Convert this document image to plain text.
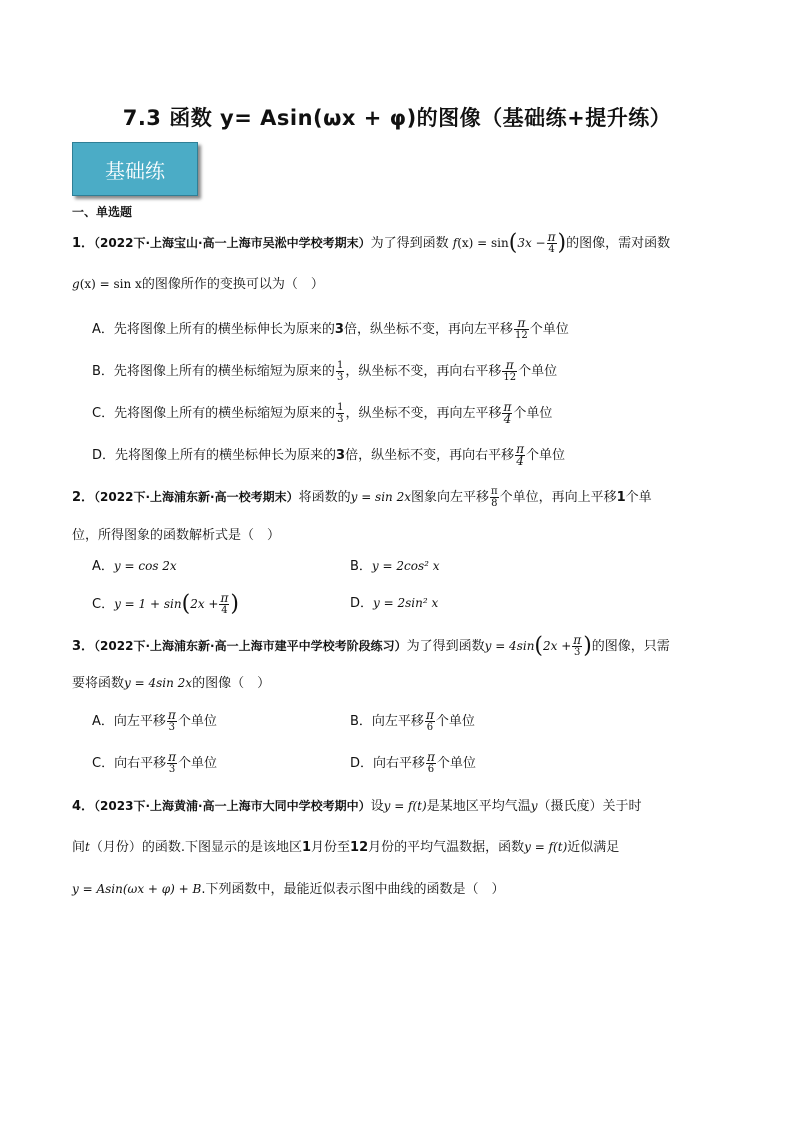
7.3 函数 y= Asin(ωx + φ)的图像（基础练+提升练）
基础练
一、单选题
1．（2022下·上海宝山·高一上海市吴淞中学校考期末）为了得到函数 $f(x) = \sin(3x - \frac{\pi}{4}$ )的图像，需对函数
g(x) = sin x的图像所作的变换可以为（　）
A．先将图像上所有的横坐标伸长为原来的3倍，纵坐标不变，再向左平移 $\frac{\pi}{12}$ 个单位
B．先将图像上所有的横坐标缩短为原来的 $\frac{1}{3}$ ，纵坐标不变，再向右平移 $\frac{\pi}{12}$ 个单位
C．先将图像上所有的横坐标缩短为原来的 $\frac{1}{3}$ ，纵坐标不变，再向左平移 $\frac{\pi}{4}$ 个单位
D．先将图像上所有的横坐标伸长为原来的3倍，纵坐标不变，再向右平移 $\frac{\pi}{4}$ 个单位
2．（2022下·上海浦东新·高一校考期末）将函数的y = sin 2x图象向左平移 $\frac{\pi}{8}$ 个单位，再向上平移1个单
位，所得图象的函数解析式是（　）
A．y = cos 2x	B．y = 2cos² x
C．$y = 1 + \sin(2x + \frac{\pi}{4}$ )	D．y = 2sin² x
3．（2022下·上海浦东新·高一上海市建平中学校考阶段练习）为了得到函数$y = 4\sin(2x + \frac{\pi}{3}$ )的图像，只需
要将函数y = 4sin 2x的图像（　）
A．向左平移 $\frac{\pi}{3}$ 个单位	B．向左平移 $\frac{\pi}{6}$ 个单位
C．向右平移 $\frac{\pi}{3}$ 个单位	D．向右平移 $\frac{\pi}{6}$ 个单位
4．（2023下·上海黄浦·高一上海市大同中学校考期中）设y = f(t)是某地区平均气温y（摄氏度）关于时
间t（月份）的函数.下图显示的是该地区1月份至12月份的平均气温数据，函数y = f(t)近似满足
y = Asin(ωx + φ) + B.下列函数中，最能近似表示图中曲线的函数是（　）
